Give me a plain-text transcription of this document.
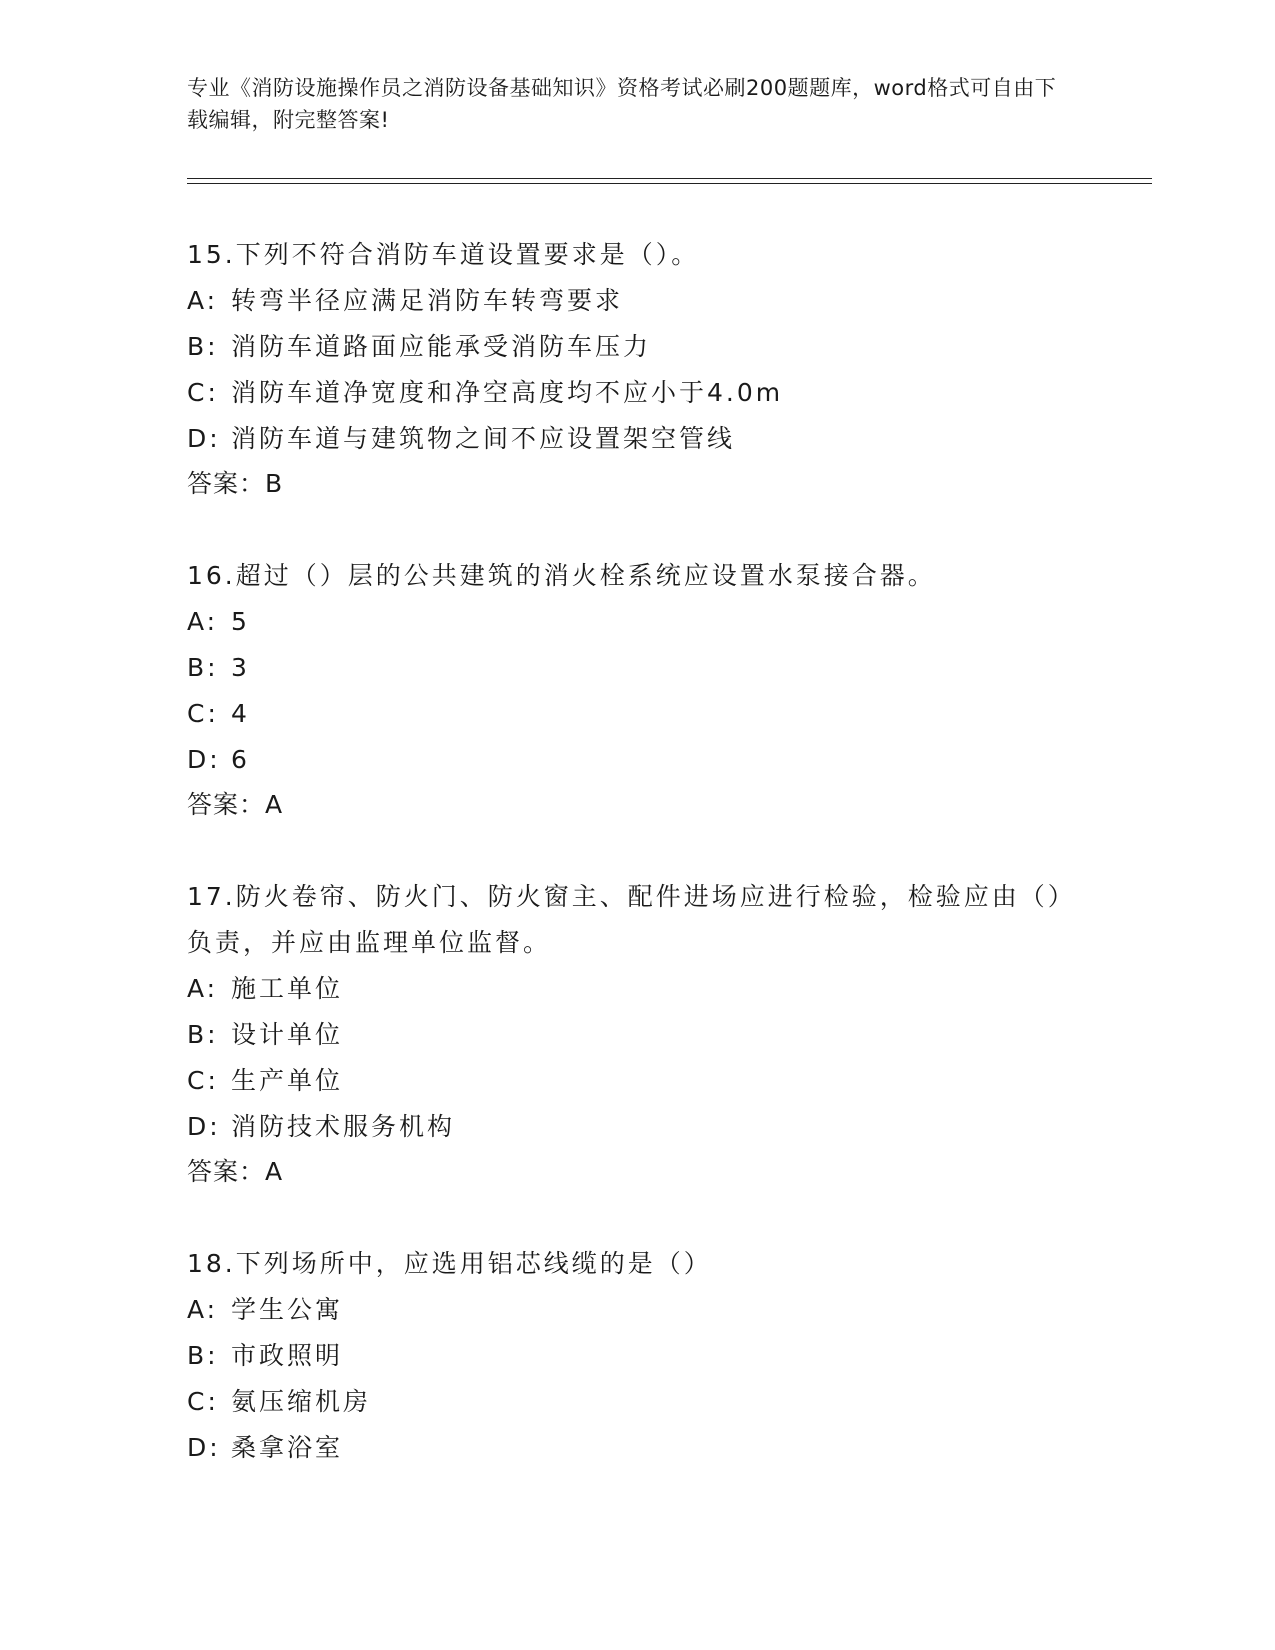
专业《消防设施操作员之消防设备基础知识》资格考试必刷200题题库，word格式可自由下载编辑，附完整答案!
15.下列不符合消防车道设置要求是（）。
A: 转弯半径应满足消防车转弯要求
B: 消防车道路面应能承受消防车压力
C: 消防车道净宽度和净空高度均不应小于4.0m
D: 消防车道与建筑物之间不应设置架空管线
答案：B
16.超过（）层的公共建筑的消火栓系统应设置水泵接合器。
A: 5
B: 3
C: 4
D: 6
答案：A
17.防火卷帘、防火门、防火窗主、配件进场应进行检验，检验应由（）负责，并应由监理单位监督。
A: 施工单位
B: 设计单位
C: 生产单位
D: 消防技术服务机构
答案：A
18.下列场所中，应选用铝芯线缆的是（）
A: 学生公寓
B: 市政照明
C: 氨压缩机房
D: 桑拿浴室
